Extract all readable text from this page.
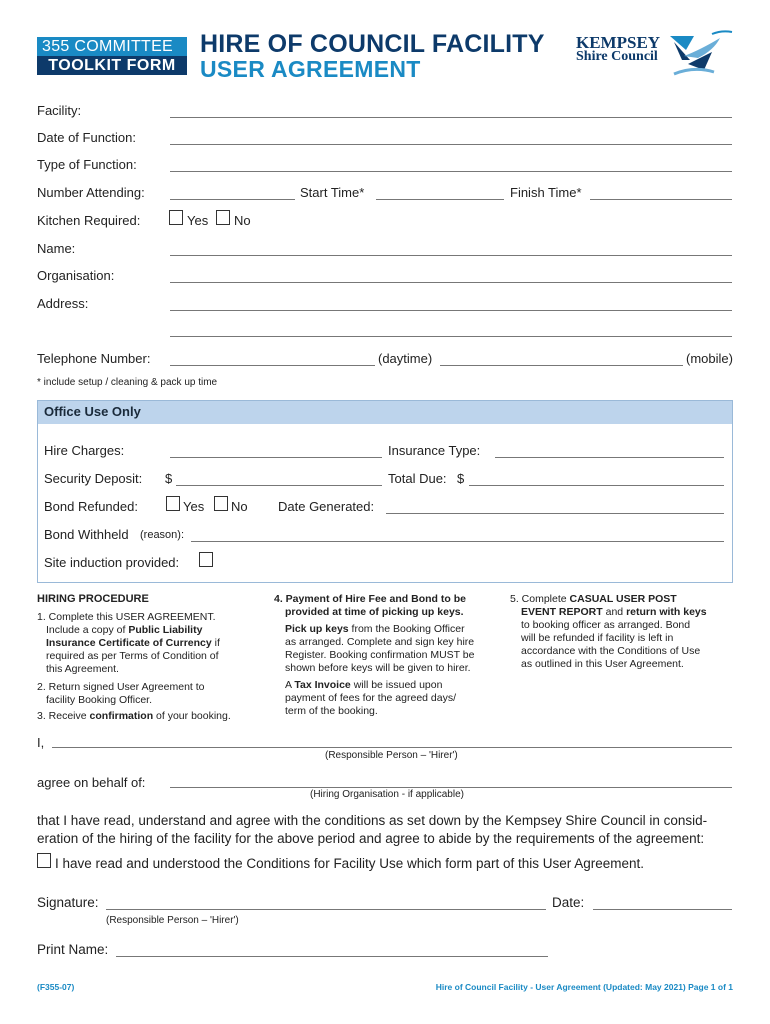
355 COMMITTEE
TOOLKIT FORM
HIRE OF COUNCIL FACILITY
USER AGREEMENT
KEMPSEY
Shire Council
Facility:
Date of Function:
Type of Function:
Number Attending:	Start Time*	Finish Time*
Kitchen Required:	Yes No
Name:
Organisation:
Address:
Telephone Number:	(daytime)	(mobile)
* include setup / cleaning & pack up time
Office Use Only
Hire Charges:	Insurance Type:
Security Deposit: $	Total Due: $
Bond Refunded:	Yes No Date Generated:
Bond Withheld (reason):
Site induction provided:
HIRING PROCEDURE
1. Complete this USER AGREEMENT.
Include a copy of Public Liability
Insurance Certificate of Currency if
required as per Terms of Condition of
this Agreement.
2. Return signed User Agreement to
facility Booking Officer.
3. Receive confirmation of your booking.
4. Payment of Hire Fee and Bond to be
provided at time of picking up keys.
Pick up keys from the Booking Officer
as arranged. Complete and sign key hire
Register. Booking confirmation MUST be
shown before keys will be given to hirer.
A Tax Invoice will be issued upon
payment of fees for the agreed days/
term of the booking.
5. Complete CASUAL USER POST
EVENT REPORT and return with keys
to booking officer as arranged. Bond
will be refunded if facility is left in
accordance with the Conditions of Use
as outlined in this User Agreement.
I,
(Responsible Person – 'Hirer')
agree on behalf of:
(Hiring Organisation - if applicable)
that I have read, understand and agree with the conditions as set down by the Kempsey Shire Council in consid-
eration of the hiring of the facility for the above period and agree to abide by the requirements of the agreement:
I have read and understood the Conditions for Facility Use which form part of this User Agreement.
Signature:	Date:
(Responsible Person – 'Hirer')
Print Name:
(F355-07)	Hire of Council Facility - User Agreement (Updated: May 2021) Page 1 of 1
